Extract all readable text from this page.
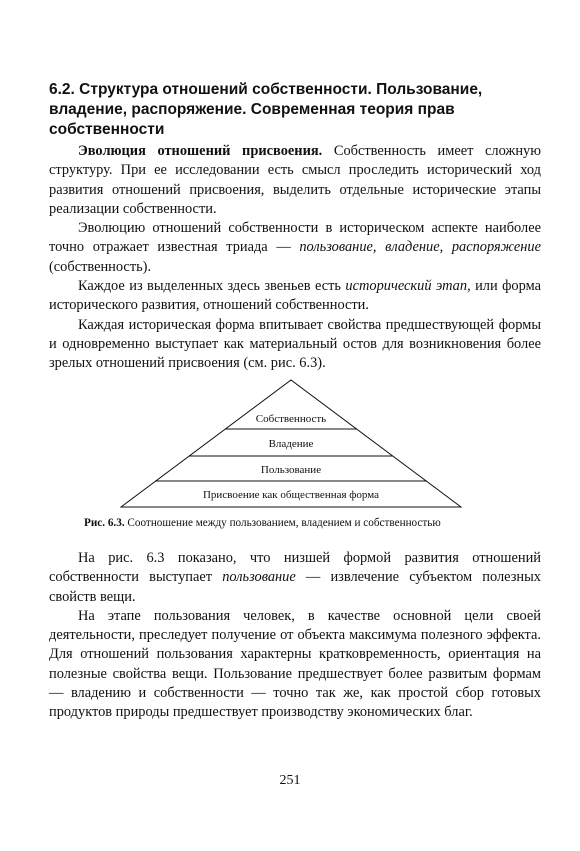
6.2. Структура отношений собственности. Пользование, владение, распоряжение. Современная теория прав собственности

Эволюция отношений присвоения. Собственность имеет сложную структуру. При ее исследовании есть смысл проследить исторический ход развития отношений присвоения, выделить отдельные исторические этапы реализации собственности.

Эволюцию отношений собственности в историческом аспекте наиболее точно отражает известная триада — пользование, владение, распоряжение (собственность).

Каждое из выделенных здесь звеньев есть исторический этап, или форма исторического развития, отношений собственности.

Каждая историческая форма впитывает свойства предшествующей формы и одновременно выступает как материальный остов для возникновения более зрелых отношений присвоения (см. рис. 6.3).

Собственность
Владение
Пользование
Присвоение как общественная форма

Рис. 6.3. Соотношение между пользованием, владением и собственностью

На рис. 6.3 показано, что низшей формой развития отношений собственности выступает пользование — извлечение субъектом полезных свойств вещи.

На этапе пользования человек, в качестве основной цели своей деятельности, преследует получение от объекта максимума полезного эффекта. Для отношений пользования характерны кратковременность, ориентация на полезные свойства вещи. Пользование предшествует более развитым формам — владению и собственности — точно так же, как простой сбор готовых продуктов природы предшествует производству экономических благ.

251
